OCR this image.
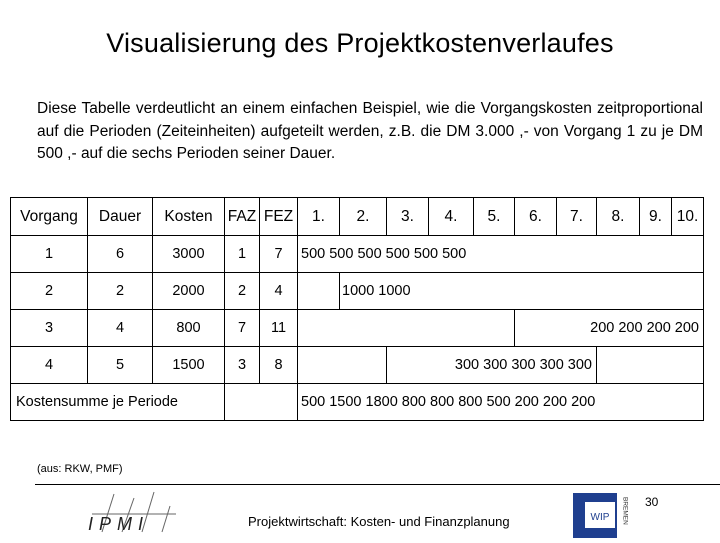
Visualisierung des Projektkostenverlaufes
Diese Tabelle verdeutlicht an einem einfachen Beispiel, wie die Vorgangskosten zeitproportional auf die Perioden (Zeiteinheiten) aufgeteilt werden, z.B. die DM 3.000 ,- von Vorgang 1 zu je DM 500 ,- auf die sechs Perioden seiner Dauer.
Vorgang	Dauer	Kosten	FAZ	FEZ	1.	2.	3.	4.	5.	6.	7.	8.	9.	10.
1	6	3000	1	7	500 500 500 500 500 500									
2	2	2000	2	4		1000 1000								
3	4	800	7	11						200 200 200 200				
4	5	1500	3	8			300 300 300 300 300							
Kostensumme je Periode					500 1500 1800 800 800 800 500 200 200 200									
(aus: RKW, PMF)
IPMI	Projektwirtschaft: Kosten- und Finanzplanung	WIP BREMEN 30
